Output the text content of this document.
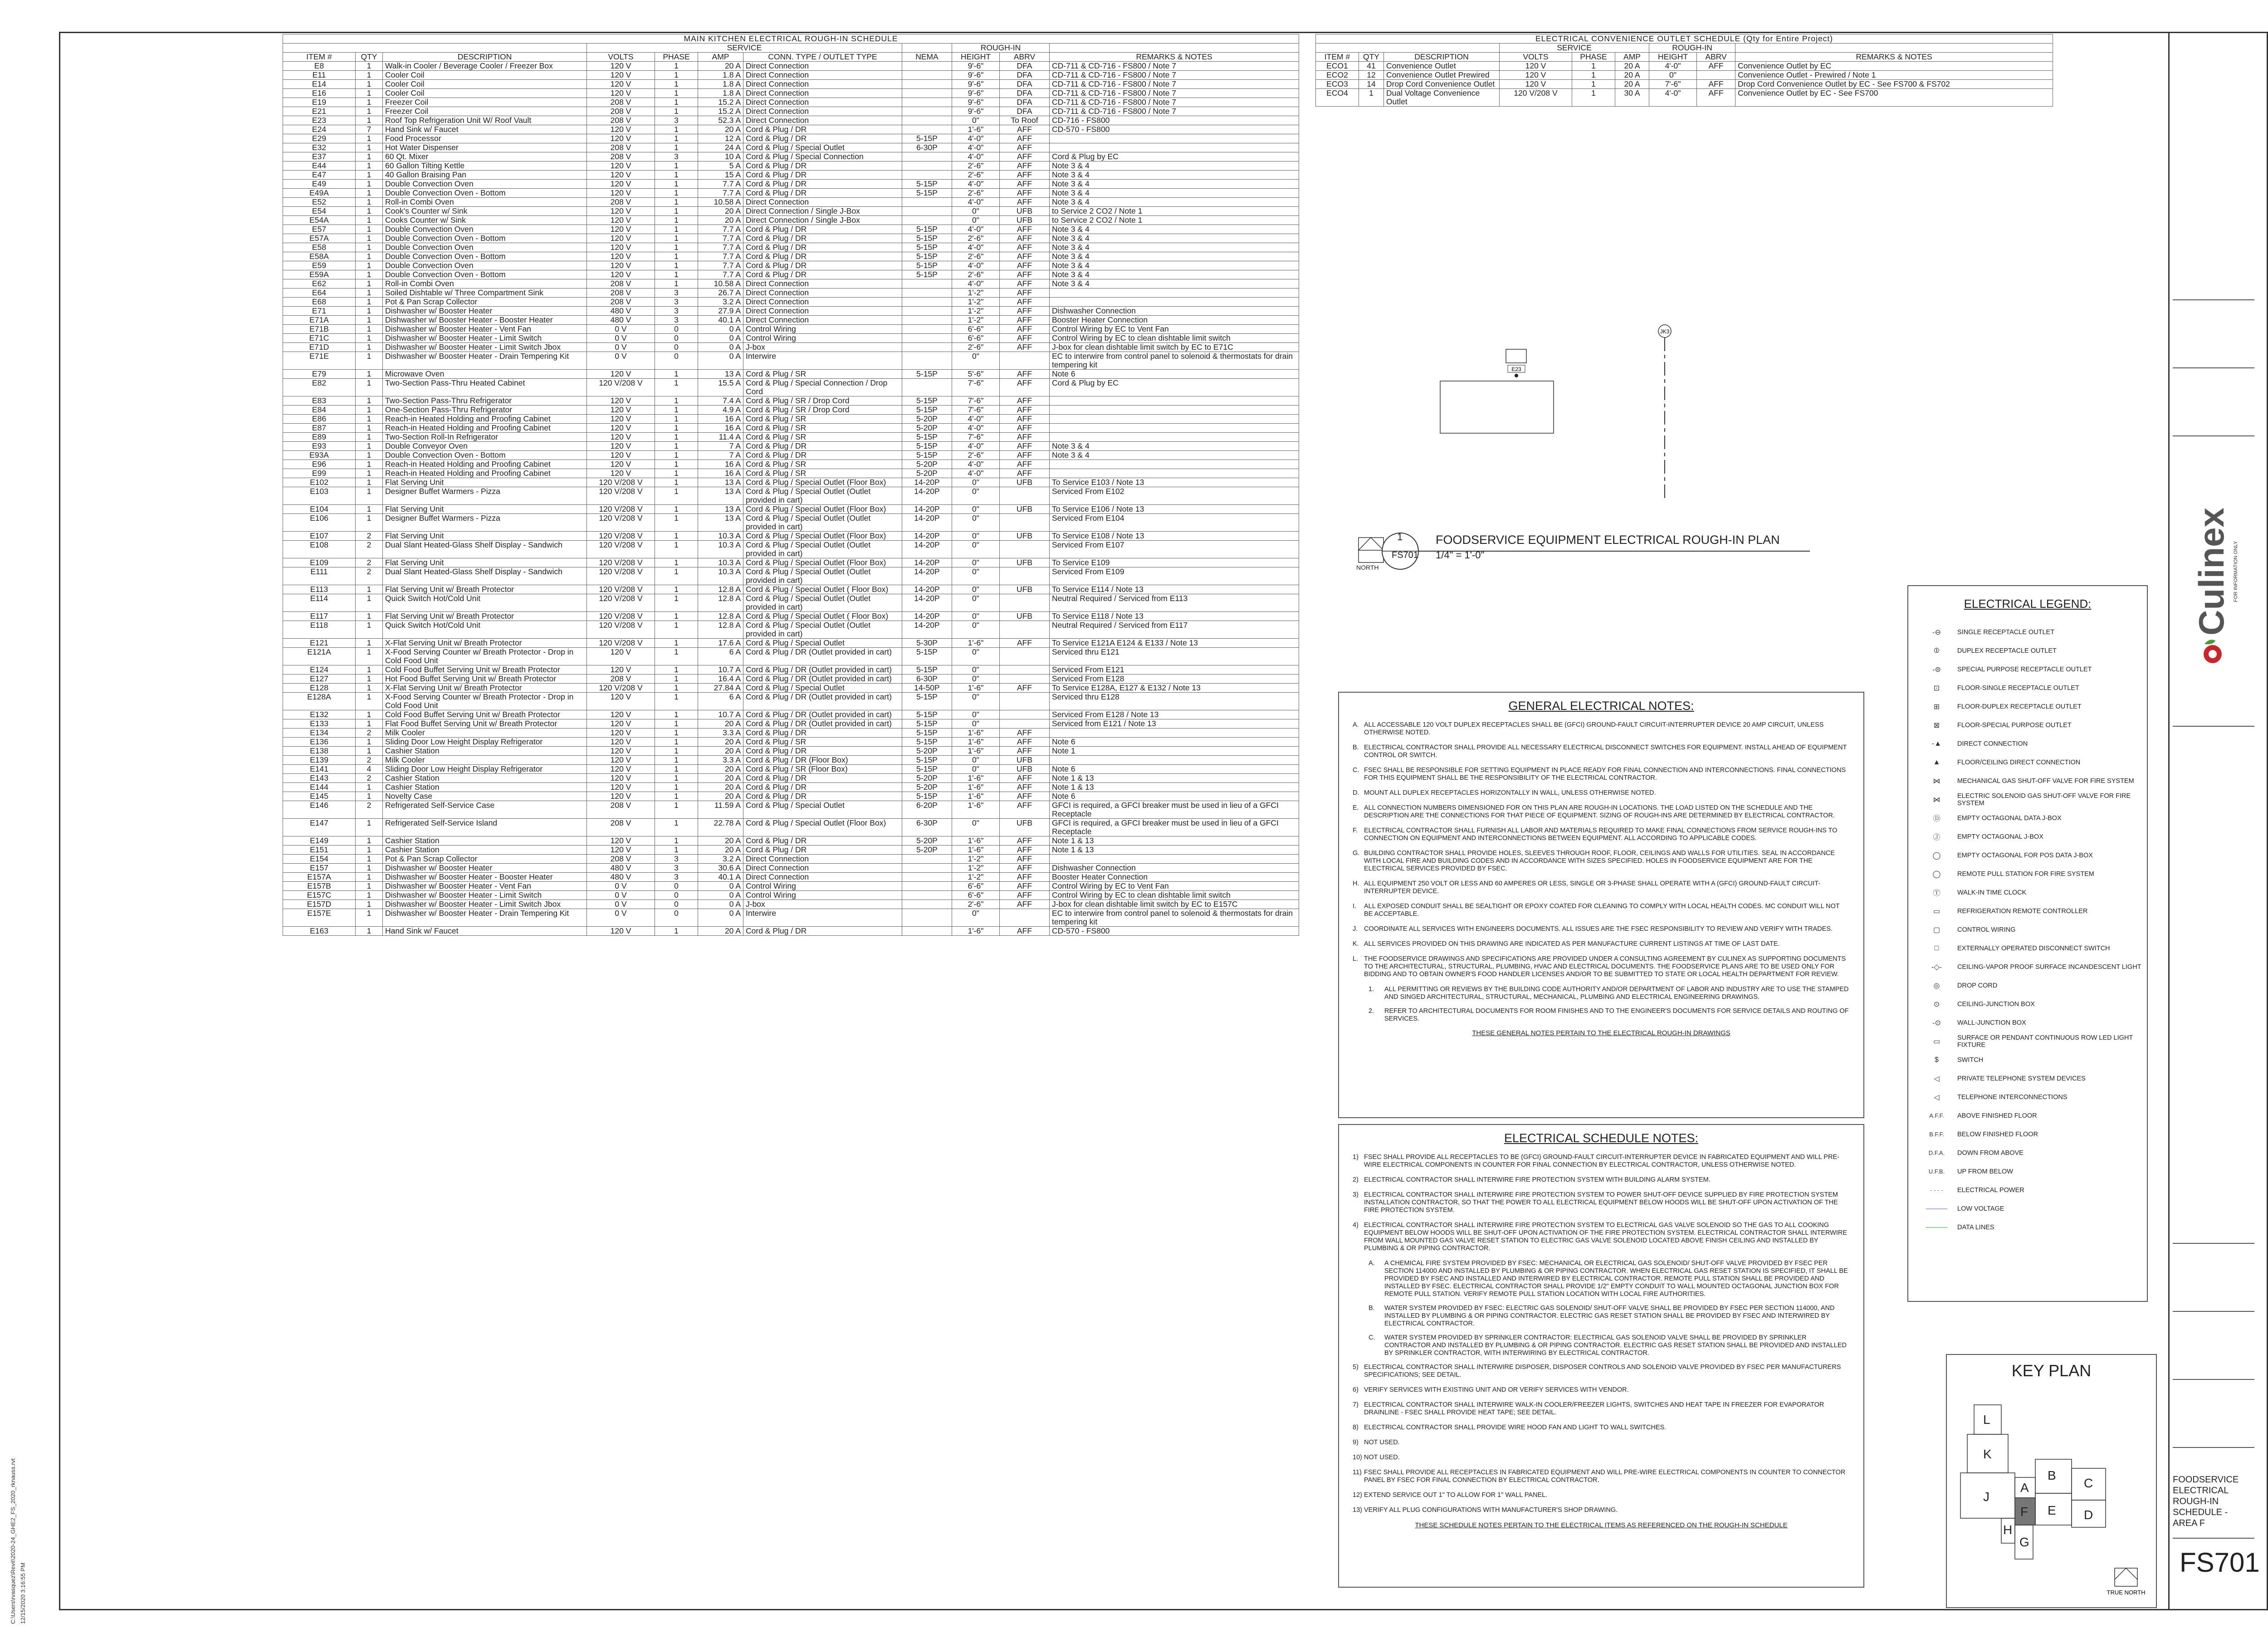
C:\Users\rvasquez\Revit\2020-24_GHE2_FS_2020_rknauss.rvt 12/15/2020 3:16:55 PM
MAIN KITCHEN ELECTRICAL ROUGH-IN SCHEDULE										
			SERVICE					ROUGH-IN		
ITEM #	QTY	DESCRIPTION	VOLTS	PHASE	AMP	CONN. TYPE / OUTLET TYPE	NEMA	HEIGHT	ABRV	REMARKS & NOTES
E8	1	Walk-in Cooler / Beverage Cooler / Freezer Box	120 V	1	20 A	Direct Connection		9'-6"	DFA	CD-711 & CD-716 - FS800 / Note 7
E11	1	Cooler Coil	120 V	1	1.8 A	Direct Connection		9'-6"	DFA	CD-711 & CD-716 - FS800 / Note 7
E14	1	Cooler Coil	120 V	1	1.8 A	Direct Connection		9'-6"	DFA	CD-711 & CD-716 - FS800 / Note 7
E16	1	Cooler Coil	120 V	1	1.8 A	Direct Connection		9'-6"	DFA	CD-711 & CD-716 - FS800 / Note 7
E19	1	Freezer Coil	208 V	1	15.2 A	Direct Connection		9'-6"	DFA	CD-711 & CD-716 - FS800 / Note 7
E21	1	Freezer Coil	208 V	1	15.2 A	Direct Connection		9'-6"	DFA	CD-711 & CD-716 - FS800 / Note 7
E23	1	Roof Top Refrigeration Unit W/ Roof Vault	208 V	3	52.3 A	Direct Connection		0"	To Roof	CD-716 - FS800
E24	7	Hand Sink w/ Faucet	120 V	1	20 A	Cord & Plug / DR		1'-6"	AFF	CD-570 - FS800
E29	1	Food Processor	120 V	1	12 A	Cord & Plug / DR	5-15P	4'-0"	AFF	
E32	1	Hot Water Dispenser	208 V	1	24 A	Cord & Plug / Special Outlet	6-30P	4'-0"	AFF	
E37	1	60 Qt. Mixer	208 V	3	10 A	Cord & Plug / Special Connection		4'-0"	AFF	Cord & Plug by EC
E44	1	60 Gallon Tilting Kettle	120 V	1	5 A	Cord & Plug / DR		2'-6"	AFF	Note 3 & 4
E47	1	40 Gallon Braising Pan	120 V	1	15 A	Cord & Plug / DR		2'-6"	AFF	Note 3 & 4
E49	1	Double Convection Oven	120 V	1	7.7 A	Cord & Plug / DR	5-15P	4'-0"	AFF	Note 3 & 4
E49A	1	Double Convection Oven - Bottom	120 V	1	7.7 A	Cord & Plug / DR	5-15P	2'-6"	AFF	Note 3 & 4
E52	1	Roll-in Combi Oven	208 V	1	10.58 A	Direct Connection		4'-0"	AFF	Note 3 & 4
E54	1	Cook's Counter w/ Sink	120 V	1	20 A	Direct Connection / Single J-Box		0"	UFB	to Service 2 CO2 / Note 1
E54A	1	Cooks Counter w/ Sink	120 V	1	20 A	Direct Connection / Single J-Box		0"	UFB	to Service 2 CO2 / Note 1
E57	1	Double Convection Oven	120 V	1	7.7 A	Cord & Plug / DR	5-15P	4'-0"	AFF	Note 3 & 4
E57A	1	Double Convection Oven - Bottom	120 V	1	7.7 A	Cord & Plug / DR	5-15P	2'-6"	AFF	Note 3 & 4
E58	1	Double Convection Oven	120 V	1	7.7 A	Cord & Plug / DR	5-15P	4'-0"	AFF	Note 3 & 4
E58A	1	Double Convection Oven - Bottom	120 V	1	7.7 A	Cord & Plug / DR	5-15P	2'-6"	AFF	Note 3 & 4
E59	1	Double Convection Oven	120 V	1	7.7 A	Cord & Plug / DR	5-15P	4'-0"	AFF	Note 3 & 4
E59A	1	Double Convection Oven - Bottom	120 V	1	7.7 A	Cord & Plug / DR	5-15P	2'-6"	AFF	Note 3 & 4
E62	1	Roll-in Combi Oven	208 V	1	10.58 A	Direct Connection		4'-0"	AFF	Note 3 & 4
E64	1	Soiled Dishtable w/ Three Compartment Sink	208 V	3	26.7 A	Direct Connection		1'-2"	AFF	
E68	1	Pot & Pan Scrap Collector	208 V	3	3.2 A	Direct Connection		1'-2"	AFF	
E71	1	Dishwasher w/ Booster Heater	480 V	3	27.9 A	Direct Connection		1'-2"	AFF	Dishwasher Connection
E71A	1	Dishwasher w/ Booster Heater - Booster Heater	480 V	3	40.1 A	Direct Connection		1'-2"	AFF	Booster Heater Connection
E71B	1	Dishwasher w/ Booster Heater - Vent Fan	0 V	0	0 A	Control Wiring		6'-6"	AFF	Control Wiring by EC to Vent Fan
E71C	1	Dishwasher w/ Booster Heater - Limit Switch	0 V	0	0 A	Control Wiring		6'-6"	AFF	Control Wiring by EC to clean dishtable limit switch
E71D	1	Dishwasher w/ Booster Heater - Limit Switch Jbox	0 V	0	0 A	J-box		2'-6"	AFF	J-box for clean dishtable limit switch by EC to E71C
E71E	1	Dishwasher w/ Booster Heater - Drain Tempering Kit	0 V	0	0 A	Interwire		0"		EC to interwire from control panel to solenoid & thermostats for drain tempering kit
E79	1	Microwave Oven	120 V	1	13 A	Cord & Plug / SR	5-15P	5'-6"	AFF	Note 6
E82	1	Two-Section Pass-Thru Heated Cabinet	120 V/208 V	1	15.5 A	Cord & Plug / Special Connection / Drop Cord		7'-6"	AFF	Cord & Plug by EC
E83	1	Two-Section Pass-Thru Refrigerator	120 V	1	7.4 A	Cord & Plug / SR / Drop Cord	5-15P	7'-6"	AFF	
E84	1	One-Section Pass-Thru Refrigerator	120 V	1	4.9 A	Cord & Plug / SR / Drop Cord	5-15P	7'-6"	AFF	
E86	1	Reach-in Heated Holding and Proofing Cabinet	120 V	1	16 A	Cord & Plug / SR	5-20P	4'-0"	AFF	
E87	1	Reach-in Heated Holding and Proofing Cabinet	120 V	1	16 A	Cord & Plug / SR	5-20P	4'-0"	AFF	
E89	1	Two-Section Roll-In Refrigerator	120 V	1	11.4 A	Cord & Plug / SR	5-15P	7'-6"	AFF	
E93	1	Double Conveyor Oven	120 V	1	7 A	Cord & Plug / DR	5-15P	4'-0"	AFF	Note 3 & 4
E93A	1	Double Convection Oven - Bottom	120 V	1	7 A	Cord & Plug / DR	5-15P	2'-6"	AFF	Note 3 & 4
E96	1	Reach-in Heated Holding and Proofing Cabinet	120 V	1	16 A	Cord & Plug / SR	5-20P	4'-0"	AFF	
E99	1	Reach-in Heated Holding and Proofing Cabinet	120 V	1	16 A	Cord & Plug / SR	5-20P	4'-0"	AFF	
E102	1	Flat Serving Unit	120 V/208 V	1	13 A	Cord & Plug / Special Outlet (Floor Box)	14-20P	0"	UFB	To Service E103 / Note 13
E103	1	Designer Buffet Warmers - Pizza	120 V/208 V	1	13 A	Cord & Plug / Special Outlet (Outlet provided in cart)	14-20P	0"		Serviced From E102
E104	1	Flat Serving Unit	120 V/208 V	1	13 A	Cord & Plug / Special Outlet (Floor Box)	14-20P	0"	UFB	To Service E106 / Note 13
E106	1	Designer Buffet Warmers - Pizza	120 V/208 V	1	13 A	Cord & Plug / Special Outlet (Outlet provided in cart)	14-20P	0"		Serviced From E104
E107	2	Flat Serving Unit	120 V/208 V	1	10.3 A	Cord & Plug / Special Outlet (Floor Box)	14-20P	0"	UFB	To Service E108 / Note 13
E108	2	Dual Slant Heated-Glass Shelf Display - Sandwich	120 V/208 V	1	10.3 A	Cord & Plug / Special Outlet (Outlet provided in cart)	14-20P	0"		Serviced From E107
E109	2	Flat Serving Unit	120 V/208 V	1	10.3 A	Cord & Plug / Special Outlet (Floor Box)	14-20P	0"	UFB	To Service E109
E111	2	Dual Slant Heated-Glass Shelf Display - Sandwich	120 V/208 V	1	10.3 A	Cord & Plug / Special Outlet (Outlet provided in cart)	14-20P	0"		Serviced From E109
E113	1	Flat Serving Unit w/ Breath Protector	120 V/208 V	1	12.8 A	Cord & Plug / Special Outlet ( Floor Box)	14-20P	0"	UFB	To Service E114 / Note 13
E114	1	Quick Switch Hot/Cold Unit	120 V/208 V	1	12.8 A	Cord & Plug / Special Outlet (Outlet provided in cart)	14-20P	0"		Neutral Required / Serviced from E113
E117	1	Flat Serving Unit w/ Breath Protector	120 V/208 V	1	12.8 A	Cord & Plug / Special Outlet ( Floor Box)	14-20P	0"	UFB	To Service E118 / Note 13
E118	1	Quick Switch Hot/Cold Unit	120 V/208 V	1	12.8 A	Cord & Plug / Special Outlet (Outlet provided in cart)	14-20P	0"		Neutral Required / Serviced from E117
E121	1	X-Flat Serving Unit w/ Breath Protector	120 V/208 V	1	17.6 A	Cord & Plug / Special Outlet	5-30P	1'-6"	AFF	To Service E121A E124 & E133 / Note 13
E121A	1	X-Food Serving Counter w/ Breath Protector - Drop in Cold Food Unit	120 V	1	6 A	Cord & Plug / DR (Outlet provided in cart)	5-15P	0"		Serviced thru E121
E124	1	Cold Food Buffet Serving Unit w/ Breath Protector	120 V	1	10.7 A	Cord & Plug / DR (Outlet provided in cart)	5-15P	0"		Serviced From E121
E127	1	Hot Food Buffet Serving Unit w/ Breath Protector	208 V	1	16.4 A	Cord & Plug / DR (Outlet provided in cart)	6-30P	0"		Serviced From E128
E128	1	X-Flat Serving Unit w/ Breath Protector	120 V/208 V	1	27.84 A	Cord & Plug / Special Outlet	14-50P	1'-6"	AFF	To Service E128A, E127 & E132 / Note 13
E128A	1	X-Food Serving Counter w/ Breath Protector - Drop in Cold Food Unit	120 V	1	6 A	Cord & Plug / DR (Outlet provided in cart)	5-15P	0"		Serviced thru E128
E132	1	Cold Food Buffet Serving Unit w/ Breath Protector	120 V	1	10.7 A	Cord & Plug / DR (Outlet provided in cart)	5-15P	0"		Serviced From E128 / Note 13
E133	1	Flat Food Buffet Serving Unit w/ Breath Protector	120 V	1	20 A	Cord & Plug / DR (Outlet provided in cart)	5-15P	0"		Serviced from E121 / Note 13
E134	2	Milk Cooler	120 V	1	3.3 A	Cord & Plug / DR	5-15P	1'-6"	AFF	
E136	1	Sliding Door Low Height Display Refrigerator	120 V	1	20 A	Cord & Plug / SR	5-15P	1'-6"	AFF	Note 6
E138	1	Cashier Station	120 V	1	20 A	Cord & Plug / DR	5-20P	1'-6"	AFF	Note 1
E139	2	Milk Cooler	120 V	1	3.3 A	Cord & Plug / DR (Floor Box)	5-15P	0"	UFB	
E141	4	Sliding Door Low Height Display Refrigerator	120 V	1	20 A	Cord & Plug / SR (Floor Box)	5-15P	0"	UFB	Note 6
E143	2	Cashier Station	120 V	1	20 A	Cord & Plug / DR	5-20P	1'-6"	AFF	Note 1 & 13
E144	1	Cashier Station	120 V	1	20 A	Cord & Plug / DR	5-20P	1'-6"	AFF	Note 1 & 13
E145	1	Novelty Case	120 V	1	20 A	Cord & Plug / DR	5-15P	1'-6"	AFF	Note 6
E146	2	Refrigerated Self-Service Case	208 V	1	11.59 A	Cord & Plug / Special Outlet	6-20P	1'-6"	AFF	GFCI is required, a GFCI breaker must be used in lieu of a GFCI Receptacle
E147	1	Refrigerated Self-Service Island	208 V	1	22.78 A	Cord & Plug / Special Outlet (Floor Box)	6-30P	0"	UFB	GFCI is required, a GFCI breaker must be used in lieu of a GFCI Receptacle
E149	1	Cashier Station	120 V	1	20 A	Cord & Plug / DR	5-20P	1'-6"	AFF	Note 1 & 13
E151	1	Cashier Station	120 V	1	20 A	Cord & Plug / DR	5-20P	1'-6"	AFF	Note 1 & 13
E154	1	Pot & Pan Scrap Collector	208 V	3	3.2 A	Direct Connection		1'-2"	AFF	
E157	1	Dishwasher w/ Booster Heater	480 V	3	30.6 A	Direct Connection		1'-2"	AFF	Dishwasher Connection
E157A	1	Dishwasher w/ Booster Heater - Booster Heater	480 V	3	40.1 A	Direct Connection		1'-2"	AFF	Booster Heater Connection
E157B	1	Dishwasher w/ Booster Heater - Vent Fan	0 V	0	0 A	Control Wiring		6'-6"	AFF	Control Wiring by EC to Vent Fan
E157C	1	Dishwasher w/ Booster Heater - Limit Switch	0 V	0	0 A	Control Wiring		6'-6"	AFF	Control Wiring by EC to clean dishtable limit switch
E157D	1	Dishwasher w/ Booster Heater - Limit Switch Jbox	0 V	0	0 A	J-box		2'-6"	AFF	J-box for clean dishtable limit switch by EC to E157C
E157E	1	Dishwasher w/ Booster Heater - Drain Tempering Kit	0 V	0	0 A	Interwire		0"		EC to interwire from control panel to solenoid & thermostats for drain tempering kit
E163	1	Hand Sink w/ Faucet	120 V	1	20 A	Cord & Plug / DR		1'-6"	AFF	CD-570 - FS800
ELECTRICAL CONVENIENCE OUTLET SCHEDULE (Qty for Entire Project)								
			SERVICE			ROUGH-IN		
ITEM #	QTY	DESCRIPTION	VOLTS	PHASE	AMP	HEIGHT	ABRV	REMARKS & NOTES
ECO1	41	Convenience Outlet	120 V	1	20 A	4'-0"	AFF	Convenience Outlet by EC
ECO2	12	Convenience Outlet Prewired	120 V	1	20 A	0"		Convenience Outlet - Prewired / Note 1
ECO3	14	Drop Cord Convenience Outlet	120 V	1	20 A	7'-6"	AFF	Drop Cord Convenience Outlet by EC - See FS700 & FS702
ECO4	1	Dual Voltage Convenience Outlet	120 V/208 V	1	30 A	4'-0"	AFF	Convenience Outlet by EC - See FS700
JK3
E23
1
FS701
FOODSERVICE EQUIPMENT ELECTRICAL ROUGH-IN PLAN
1/4" = 1'-0"
NORTH
GENERAL ELECTRICAL NOTES:
A. ALL ACCESSABLE 120 VOLT DUPLEX RECEPTACLES SHALL BE (GFCI) GROUND-FAULT CIRCUIT-INTERRUPTER DEVICE 20 AMP CIRCUIT, UNLESS OTHERWISE NOTED.
B. ELECTRICAL CONTRACTOR SHALL PROVIDE ALL NECESSARY ELECTRICAL DISCONNECT SWITCHES FOR EQUIPMENT. INSTALL AHEAD OF EQUIPMENT CONTROL OR SWITCH.
C. FSEC SHALL BE RESPONSIBLE FOR SETTING EQUIPMENT IN PLACE READY FOR FINAL CONNECTION AND INTERCONNECTIONS. FINAL CONNECTIONS FOR THIS EQUIPMENT SHALL BE THE RESPONSIBILITY OF THE ELECTRICAL CONTRACTOR.
D. MOUNT ALL DUPLEX RECEPTACLES HORIZONTALLY IN WALL, UNLESS OTHERWISE NOTED.
E. ALL CONNECTION NUMBERS DIMENSIONED FOR ON THIS PLAN ARE ROUGH-IN LOCATIONS. THE LOAD LISTED ON THE SCHEDULE AND THE DESCRIPTION ARE THE CONNECTIONS FOR THAT PIECE OF EQUIPMENT. SIZING OF ROUGH-INS ARE DETERMINED BY ELECTRICAL CONTRACTOR.
F. ELECTRICAL CONTRACTOR SHALL FURNISH ALL LABOR AND MATERIALS REQUIRED TO MAKE FINAL CONNECTIONS FROM SERVICE ROUGH-INS TO CONNECTION ON EQUIPMENT AND INTERCONNECTIONS BETWEEN EQUIPMENT. ALL ACCORDING TO APPLICABLE CODES.
G. BUILDING CONTRACTOR SHALL PROVIDE HOLES, SLEEVES THROUGH ROOF, FLOOR, CEILINGS AND WALLS FOR UTILITIES. SEAL IN ACCORDANCE WITH LOCAL FIRE AND BUILDING CODES AND IN ACCORDANCE WITH SIZES SPECIFIED. HOLES IN FOODSERVICE EQUIPMENT ARE FOR THE ELECTRICAL SERVICES PROVIDED BY FSEC.
H. ALL EQUIPMENT 250 VOLT OR LESS AND 60 AMPERES OR LESS, SINGLE OR 3-PHASE SHALL OPERATE WITH A (GFCI) GROUND-FAULT CIRCUIT-INTERRUPTER DEVICE.
I.	ALL EXPOSED CONDUIT SHALL BE SEALTIGHT OR EPOXY COATED FOR CLEANING TO COMPLY WITH LOCAL HEALTH CODES. MC CONDUIT WILL NOT BE ACCEPTABLE.
J. COORDINATE ALL SERVICES WITH ENGINEERS DOCUMENTS. ALL ISSUES ARE THE FSEC RESPONSIBILITY TO REVIEW AND VERIFY WITH TRADES.
K. ALL SERVICES PROVIDED ON THIS DRAWING ARE INDICATED AS PER MANUFACTURE CURRENT LISTINGS AT TIME OF LAST DATE.
L. THE FOODSERVICE DRAWINGS AND SPECIFICATIONS ARE PROVIDED UNDER A CONSULTING AGREEMENT BY CULINEX AS SUPPORTING DOCUMENTS TO THE ARCHITECTURAL, STRUCTURAL, PLUMBING, HVAC AND ELECTRICAL DOCUMENTS. THE FOODSERVICE PLANS ARE TO BE USED ONLY FOR BIDDING AND TO OBTAIN OWNER'S FOOD HANDLER LICENSES AND/OR TO BE SUBMITTED TO STATE OR LOCAL HEALTH DEPARTMENT FOR REVIEW.
1.	ALL PERMITTING OR REVIEWS BY THE BUILDING CODE AUTHORITY AND/OR DEPARTMENT OF LABOR AND INDUSTRY ARE TO USE THE STAMPED AND SINGED ARCHITECTURAL, STRUCTURAL, MECHANICAL, PLUMBING AND ELECTRICAL ENGINEERING DRAWINGS.
2.	REFER TO ARCHITECTURAL DOCUMENTS FOR ROOM FINISHES AND TO THE ENGINEER'S DOCUMENTS FOR SERVICE DETAILS AND ROUTING OF SERVICES.
THESE GENERAL NOTES PERTAIN TO THE ELECTRICAL ROUGH-IN DRAWINGS
ELECTRICAL SCHEDULE NOTES:
1) FSEC SHALL PROVIDE ALL RECEPTACLES TO BE (GFCI) GROUND-FAULT CIRCUIT-INTERRUPTER DEVICE IN FABRICATED EQUIPMENT AND WILL PRE-WIRE ELECTRICAL COMPONENTS IN COUNTER FOR FINAL CONNECTION BY ELECTRICAL CONTRACTOR, UNLESS OTHERWISE NOTED.
2) ELECTRICAL CONTRACTOR SHALL INTERWIRE FIRE PROTECTION SYSTEM WITH BUILDING ALARM SYSTEM.
3) ELECTRICAL CONTRACTOR SHALL INTERWIRE FIRE PROTECTION SYSTEM TO POWER SHUT-OFF DEVICE SUPPLIED BY FIRE PROTECTION SYSTEM INSTALLATION CONTRACTOR, SO THAT THE POWER TO ALL ELECTRICAL EQUIPMENT BELOW HOODS WILL BE SHUT-OFF UPON ACTIVATION OF THE FIRE PROTECTION SYSTEM.
4) ELECTRICAL CONTRACTOR SHALL INTERWIRE FIRE PROTECTION SYSTEM TO ELECTRICAL GAS VALVE SOLENOID SO THE GAS TO ALL COOKING EQUIPMENT BELOW HOODS WILL BE SHUT-OFF UPON ACTIVATION OF THE FIRE PROTECTION SYSTEM. ELECTRICAL CONTRACTOR SHALL INTERWIRE FROM WALL MOUNTED GAS VALVE RESET STATION TO ELECTRIC GAS VALVE SOLENOID LOCATED ABOVE FINISH CEILING AND INSTALLED BY PLUMBING & OR PIPING CONTRACTOR.
A.	A CHEMICAL FIRE SYSTEM PROVIDED BY FSEC: MECHANICAL OR ELECTRICAL GAS SOLENOID/ SHUT-OFF VALVE PROVIDED BY FSEC PER SECTION 114000 AND INSTALLED BY PLUMBING & OR PIPING CONTRACTOR. WHEN ELECTRICAL GAS RESET STATION IS SPECIFIED, IT SHALL BE PROVIDED BY FSEC AND INSTALLED AND INTERWIRED BY ELECTRICAL CONTRACTOR. REMOTE PULL STATION SHALL BE PROVIDED AND INSTALLED BY FSEC. ELECTRICAL CONTRACTOR SHALL PROVIDE 1/2" EMPTY CONDUIT TO WALL MOUNTED OCTAGONAL JUNCTION BOX FOR REMOTE PULL STATION. VERIFY REMOTE PULL STATION LOCATION WITH LOCAL FIRE AUTHORITIES.
B.	WATER SYSTEM PROVIDED BY FSEC: ELECTRIC GAS SOLENOID/ SHUT-OFF VALVE SHALL BE PROVIDED BY FSEC PER SECTION 114000, AND INSTALLED BY PLUMBING & OR PIPING CONTRACTOR. ELECTRIC GAS RESET STATION SHALL BE PROVIDED BY FSEC AND INTERWIRED BY ELECTRICAL CONTRACTOR.
C.	WATER SYSTEM PROVIDED BY SPRINKLER CONTRACTOR: ELECTRICAL GAS SOLENOID VALVE SHALL BE PROVIDED BY SPRINKLER CONTRACTOR AND INSTALLED BY PLUMBING & OR PIPING CONTRACTOR. ELECTRIC GAS RESET STATION SHALL BE PROVIDED AND INSTALLED BY SPRINKLER CONTRACTOR, WITH INTERWIRING BY ELECTRICAL CONTRACTOR.
5) ELECTRICAL CONTRACTOR SHALL INTERWIRE DISPOSER, DISPOSER CONTROLS AND SOLENOID VALVE PROVIDED BY FSEC PER MANUFACTURERS SPECIFICATIONS; SEE DETAIL.
6) VERIFY SERVICES WITH EXISTING UNIT AND OR VERIFY SERVICES WITH VENDOR.
7) ELECTRICAL CONTRACTOR SHALL INTERWIRE WALK-IN COOLER/FREEZER LIGHTS, SWITCHES AND HEAT TAPE IN FREEZER FOR EVAPORATOR DRAINLINE - FSEC SHALL PROVIDE HEAT TAPE; SEE DETAIL.
8) ELECTRICAL CONTRACTOR SHALL PROVIDE WIRE HOOD FAN AND LIGHT TO WALL SWITCHES.
9) NOT USED.
10) NOT USED.
11) FSEC SHALL PROVIDE ALL RECEPTACLES IN FABRICATED EQUIPMENT AND WILL PRE-WIRE ELECTRICAL COMPONENTS IN COUNTER TO CONNECTOR PANEL BY FSEC FOR FINAL CONNECTION BY ELECTRICAL CONTRACTOR.
12) EXTEND SERVICE OUT 1" TO ALLOW FOR 1" WALL PANEL.
13) VERIFY ALL PLUG CONFIGURATIONS WITH MANUFACTURER'S SHOP DRAWING.
THESE SCHEDULE NOTES PERTAIN TO THE ELECTRICAL ITEMS AS REFERENCED ON THE ROUGH-IN SCHEDULE
ELECTRICAL LEGEND:
-⊖	SINGLE RECEPTACLE OUTLET
⦶	DUPLEX RECEPTACLE OUTLET
-⊜	SPECIAL PURPOSE RECEPTACLE OUTLET
⊡	FLOOR-SINGLE RECEPTACLE OUTLET
⊞	FLOOR-DUPLEX RECEPTACLE OUTLET
⊠	FLOOR-SPECIAL PURPOSE OUTLET
-▲	DIRECT CONNECTION
▲	FLOOR/CEILING DIRECT CONNECTION
⋈	MECHANICAL GAS SHUT-OFF VALVE FOR FIRE SYSTEM
⋈	ELECTRIC SOLENOID GAS SHUT-OFF VALVE FOR FIRE SYSTEM
Ⓓ	EMPTY OCTAGONAL DATA J-BOX
Ⓙ	EMPTY OCTAGONAL J-BOX
◯	EMPTY OCTAGONAL FOR POS DATA J-BOX
◯	REMOTE PULL STATION FOR FIRE SYSTEM
Ⓣ	WALK-IN TIME CLOCK
▭	REFRIGERATION REMOTE CONTROLLER
▢	CONTROL WIRING
□	EXTERNALLY OPERATED DISCONNECT SWITCH
-◇-	CEILING-VAPOR PROOF SURFACE INCANDESCENT LIGHT
◎	DROP CORD
⊙	CEILING-JUNCTION BOX
-⊙	WALL-JUNCTION BOX
▭	SURFACE OR PENDANT CONTINUOUS ROW LED LIGHT FIXTURE
$	SWITCH
◁	PRIVATE TELEPHONE SYSTEM DEVICES
◁	TELEPHONE INTERCONNECTIONS
A.F.F.	ABOVE FINISHED FLOOR
B.F.F.	BELOW FINISHED FLOOR
D.F.A.	DOWN FROM ABOVE
U.F.B.	UP FROM BELOW
- - - -	ELECTRICAL POWER
———	LOW VOLTAGE
———	DATA LINES
KEY PLAN
L
K
J
A
B
C
F E D
H
G
TRUE NORTH
Culinex FOR INFORMATION ONLY
FOODSERVICE
ELECTRICAL
ROUGH-IN
SCHEDULE -
AREA F
FS701
